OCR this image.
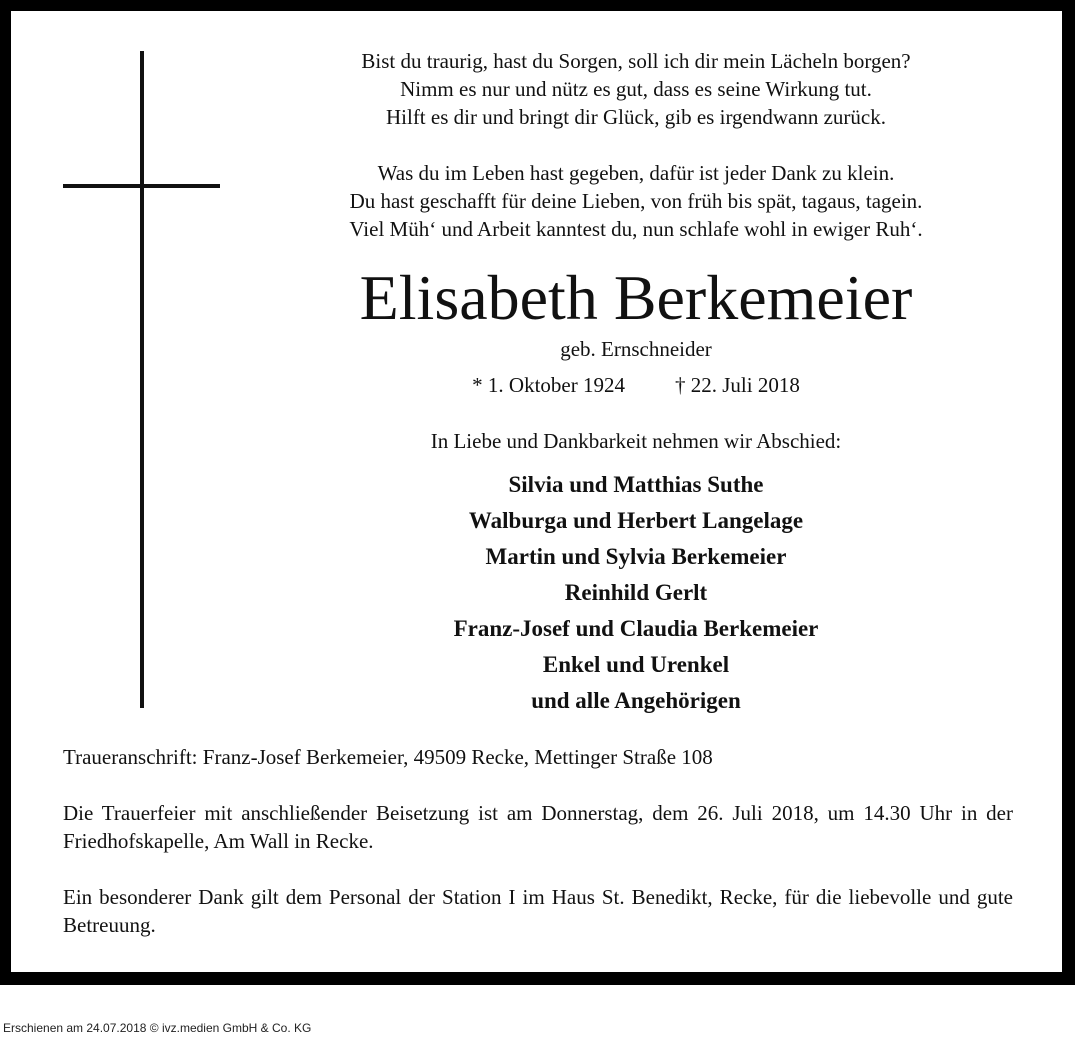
Bist du traurig, hast du Sorgen, soll ich dir mein Lächeln borgen?
Nimm es nur und nütz es gut, dass es seine Wirkung tut.
Hilft es dir und bringt dir Glück, gib es irgendwann zurück.
Was du im Leben hast gegeben, dafür ist jeder Dank zu klein.
Du hast geschafft für deine Lieben, von früh bis spät, tagaus, tagein.
Viel Müh‘ und Arbeit kanntest du, nun schlafe wohl in ewiger Ruh‘.
Elisabeth Berkemeier
geb. Ernschneider
* 1. Oktober 1924 † 22. Juli 2018
In Liebe und Dankbarkeit nehmen wir Abschied:
Silvia und Matthias Suthe
Walburga und Herbert Langelage
Martin und Sylvia Berkemeier
Reinhild Gerlt
Franz-Josef und Claudia Berkemeier
Enkel und Urenkel
und alle Angehörigen
Traueranschrift: Franz-Josef Berkemeier, 49509 Recke, Mettinger Straße 108
Die Trauerfeier mit anschließender Beisetzung ist am Donnerstag, dem 26. Juli 2018, um 14.30 Uhr in der Friedhofskapelle, Am Wall in Recke.
Ein besonderer Dank gilt dem Personal der Station I im Haus St. Benedikt, Recke, für die liebevolle und gute Betreuung.
Erschienen am 24.07.2018 © ivz.medien GmbH & Co. KG
